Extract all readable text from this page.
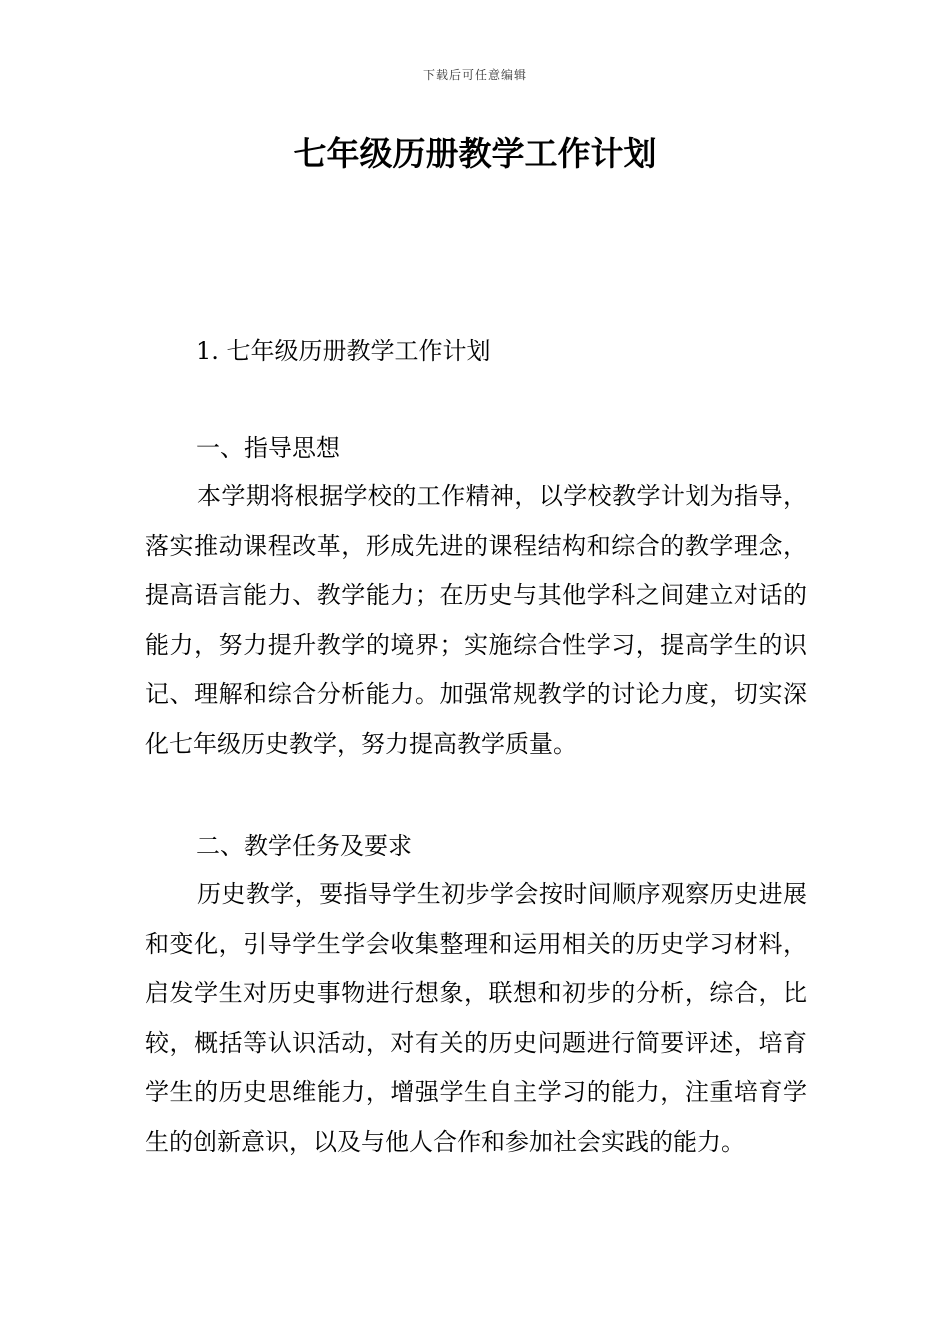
下载后可任意编辑
七年级历册教学工作计划
1. 七年级历册教学工作计划
一、指导思想

本学期将根据学校的工作精神，以学校教学计划为指导，落实推动课程改革，形成先进的课程结构和综合的教学理念，提高语言能力、教学能力；在历史与其他学科之间建立对话的能力，努力提升教学的境界；实施综合性学习，提高学生的识记、理解和综合分析能力。加强常规教学的讨论力度，切实深化七年级历史教学，努力提高教学质量。

二、教学任务及要求

历史教学，要指导学生初步学会按时间顺序观察历史进展和变化，引导学生学会收集整理和运用相关的历史学习材料，启发学生对历史事物进行想象，联想和初步的分析，综合，比较，概括等认识活动，对有关的历史问题进行简要评述，培育学生的历史思维能力，增强学生自主学习的能力，注重培育学生的创新意识，以及与他人合作和参加社会实践的能力。
